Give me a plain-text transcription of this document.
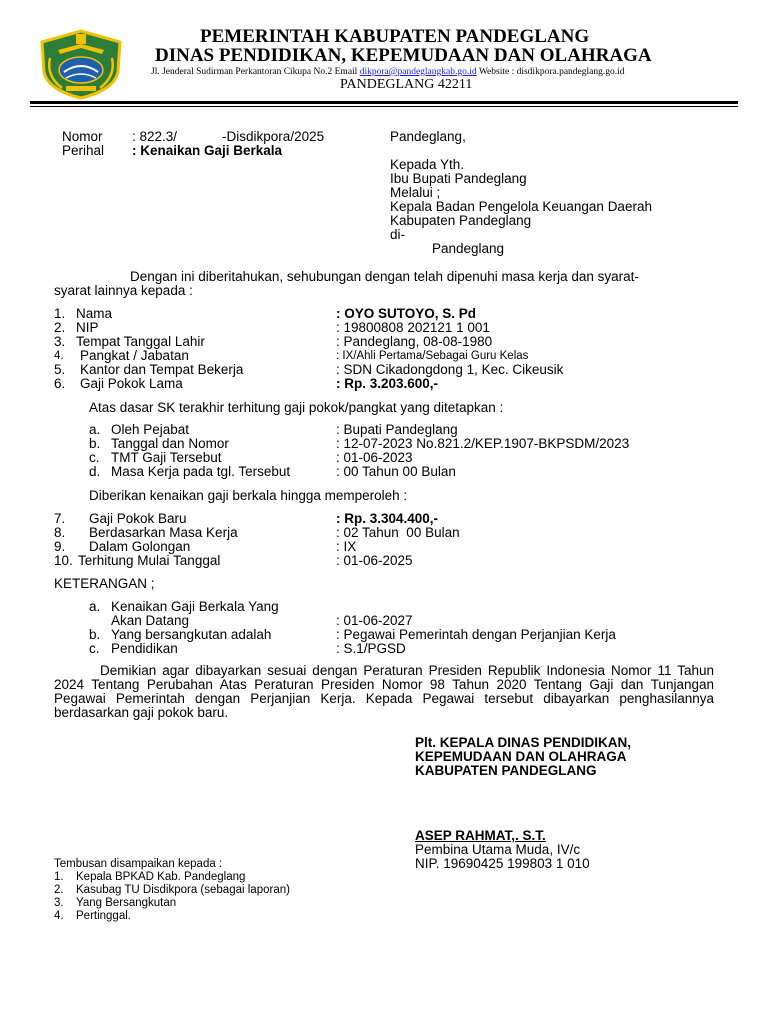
PEMERINTAH KABUPATEN PANDEGLANG
DINAS PENDIDIKAN, KEPEMUDAAN DAN OLAHRAGA
Jl. Jenderal Sudirman Perkantoran Cikupa No.2 Email dikpora@pandeglangkab.go.id Website : disdikpora.pandeglang.go.id
PANDEGLANG 42211
Nomor : 822.3/            -Disdikpora/2025
Perihal : Kenaikan Gaji Berkala
Pandeglang,
Kepada Yth.
Ibu Bupati Pandeglang
Melalui ;
Kepala Badan Pengelola Keuangan Daerah
Kabupaten Pandeglang
di-
Pandeglang
Dengan ini diberitahukan, sehubungan dengan telah dipenuhi masa kerja dan syarat-
syarat lainnya kepada :
1. Nama	: OYO SUTOYO, S. Pd
2. NIP	: 19800808 202121 1 001
3. Tempat Tanggal Lahir	: Pandeglang, 08-08-1980
4. Pangkat / Jabatan	: IX/Ahli Pertama/Sebagai Guru Kelas
5. Kantor dan Tempat Bekerja	: SDN Cikadongdong 1, Kec. Cikeusik
6. Gaji Pokok Lama	: Rp. 3.203.600,-
Atas dasar SK terakhir terhitung gaji pokok/pangkat yang ditetapkan :
a. Oleh Pejabat	: Bupati Pandeglang
b. Tanggal dan Nomor	: 12-07-2023 No.821.2/KEP.1907-BKPSDM/2023
c. TMT Gaji Tersebut	: 01-06-2023
d. Masa Kerja pada tgl. Tersebut	: 00 Tahun 00 Bulan
Diberikan kenaikan gaji berkala hingga memperoleh :
7. Gaji Pokok Baru	: Rp. 3.304.400,-
8. Berdasarkan Masa Kerja	: 02 Tahun  00 Bulan
9. Dalam Golongan	: IX
10. Terhitung Mulai Tanggal	: 01-06-2025
KETERANGAN ;
a. Kenaikan Gaji Berkala Yang
Akan Datang	: 01-06-2027
b. Yang bersangkutan adalah	: Pegawai Pemerintah dengan Perjanjian Kerja
c. Pendidikan	: S.1/PGSD
Demikian agar dibayarkan sesuai dengan Peraturan Presiden Republik Indonesia Nomor 11 Tahun 2024 Tentang Perubahan Atas Peraturan Presiden Nomor 98 Tahun 2020 Tentang Gaji dan Tunjangan Pegawai Pemerintah dengan Perjanjian Kerja. Kepada Pegawai tersebut dibayarkan penghasilannya berdasarkan gaji pokok baru.
Plt. KEPALA DINAS PENDIDIKAN,
KEPEMUDAAN DAN OLAHRAGA
KABUPATEN PANDEGLANG
ASEP RAHMAT,. S.T.
Pembina Utama Muda, IV/c
NIP. 19690425 199803 1 010
Tembusan disampaikan kepada :
1. Kepala BPKAD Kab. Pandeglang
2. Kasubag TU Disdikpora (sebagai laporan)
3. Yang Bersangkutan
4. Pertinggal.
